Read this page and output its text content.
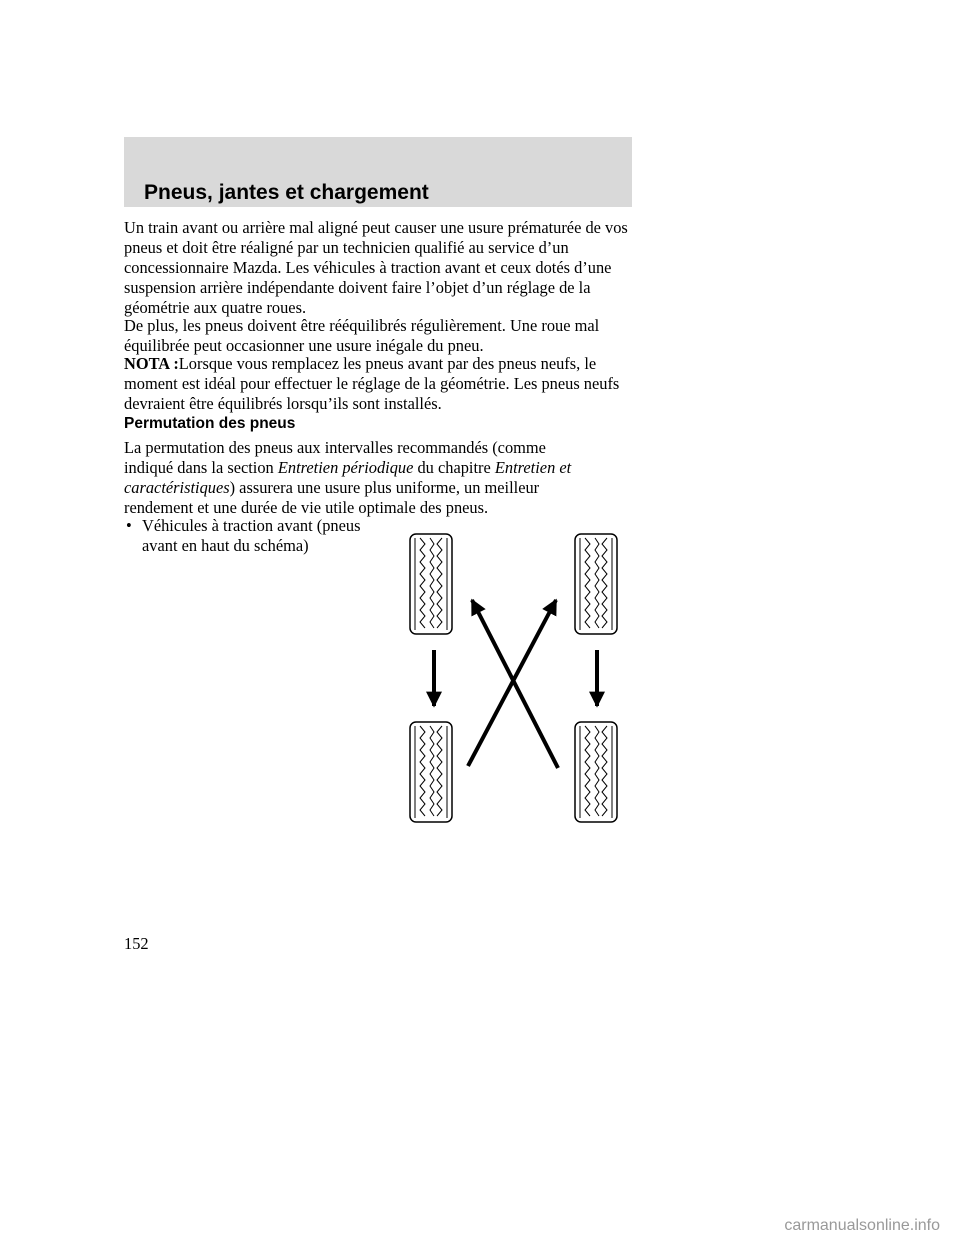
Pneus, jantes et chargement

Un train avant ou arrière mal aligné peut causer une usure prématurée de vos pneus et doit être réaligné par un technicien qualifié au service d’un concessionnaire Mazda. Les véhicules à traction avant et ceux dotés d’une suspension arrière indépendante doivent faire l’objet d’un réglage de la géométrie aux quatre roues.

De plus, les pneus doivent être rééquilibrés régulièrement. Une roue mal équilibrée peut occasionner une usure inégale du pneu.

NOTA :Lorsque vous remplacez les pneus avant par des pneus neufs, le moment est idéal pour effectuer le réglage de la géométrie. Les pneus neufs devraient être équilibrés lorsqu’ils sont installés.

Permutation des pneus

La permutation des pneus aux intervalles recommandés (comme indiqué dans la section Entretien périodique du chapitre Entretien et caractéristiques) assurera une usure plus uniforme, un meilleur rendement et une durée de vie utile optimale des pneus.

• Véhicules à traction avant (pneus avant en haut du schéma)
152
carmanualsonline.info
